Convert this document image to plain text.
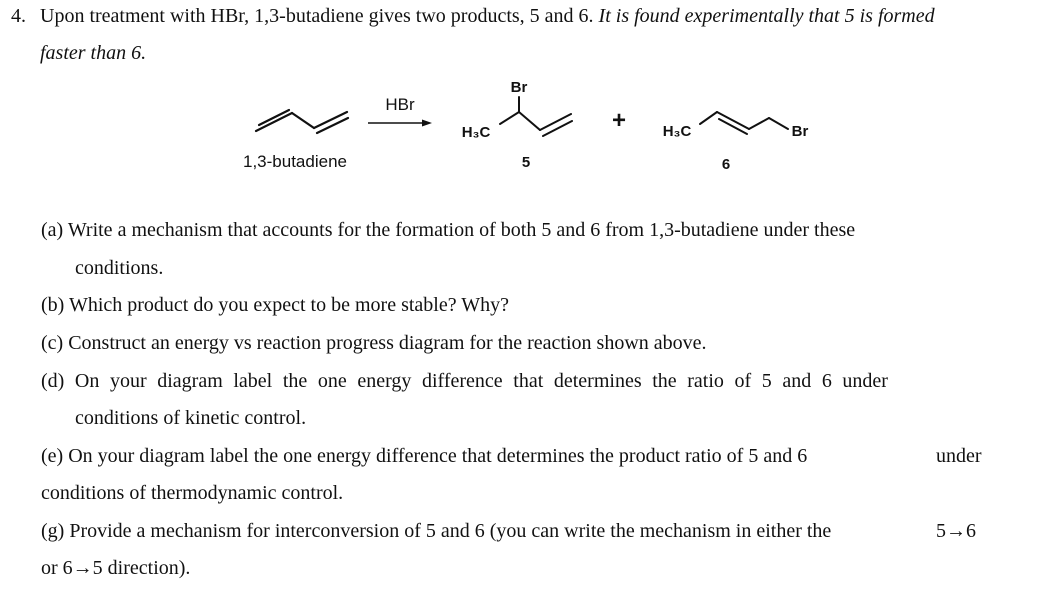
4. Upon treatment with HBr, 1,3-butadiene gives two products, 5 and 6. It is found experimentally that 5 is formed
faster than 6.
1,3-butadiene
HBr
Br
H₃C
5
+ H₃C	Br
6
(a) Write a mechanism that accounts for the formation of both 5 and 6 from 1,3-butadiene under these
conditions.
(b) Which product do you expect to be more stable? Why?
(c) Construct an energy vs reaction progress diagram for the reaction shown above.
(d) On your diagram label the one energy difference that determines the ratio of 5 and 6 under
conditions of kinetic control.
(e) On your diagram label the one energy difference that determines the product ratio of 5 and 6	under
conditions of thermodynamic control.
(g) Provide a mechanism for interconversion of 5 and 6 (you can write the mechanism in either the	5→6
or 6→5 direction).
